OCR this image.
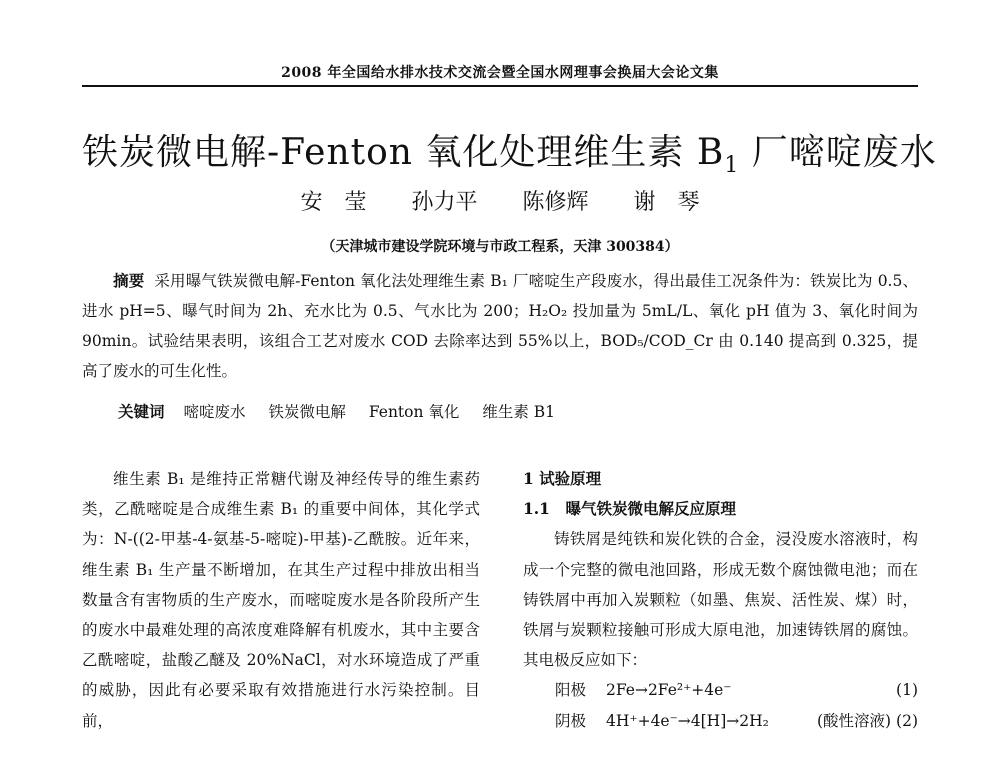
2008 年全国给水排水技术交流会暨全国水网理事会换届大会论文集
铁炭微电解-Fenton 氧化处理维生素 $B_1$ 厂嘧啶废水
安　莹 孙力平 陈修辉 谢　琴
（天津城市建设学院环境与市政工程系，天津 300384）
摘要 采用曝气铁炭微电解-Fenton 氧化法处理维生素 B₁ 厂嘧啶生产段废水，得出最佳工况条件为：铁炭比为 0.5、进水 pH=5、曝气时间为 2h、充水比为 0.5、气水比为 200；H₂O₂ 投加量为 5mL/L、氧化 pH 值为 3、氧化时间为 90min。试验结果表明，该组合工艺对废水 COD 去除率达到 55%以上，BOD₅/COD_Cr 由 0.140 提高到 0.325，提高了废水的可生化性。
关键词 嘧啶废水 铁炭微电解 Fenton 氧化 维生素 B1

维生素 B₁ 是维持正常糖代谢及神经传导的维生素药类，乙酰嘧啶是合成维生素 B₁ 的重要中间体，其化学式为：N-((2-甲基-4-氨基-5-嘧啶)-甲基)-乙酰胺。近年来，维生素 B₁ 生产量不断增加，在其生产过程中排放出相当数量含有害物质的生产废水，而嘧啶废水是各阶段所产生的废水中最难处理的高浓度难降解有机废水，其中主要含乙酰嘧啶，盐酸乙醚及 20%NaCl，对水环境造成了严重的威胁，因此有必要采取有效措施进行水污染控制。目前，

1 试验原理

1.1　曝气铁炭微电解反应原理

铸铁屑是纯铁和炭化铁的合金，浸没废水溶液时，构成一个完整的微电池回路，形成无数个腐蚀微电池；而在铸铁屑中再加入炭颗粒（如墨、焦炭、活性炭、煤）时，铁屑与炭颗粒接触可形成大原电池，加速铸铁屑的腐蚀。其电极反应如下：

阳极 2Fe→2Fe²⁺+4e⁻	(1)
阴极 4H⁺+4e⁻→4[H]→2H₂	(酸性溶液) (2)
